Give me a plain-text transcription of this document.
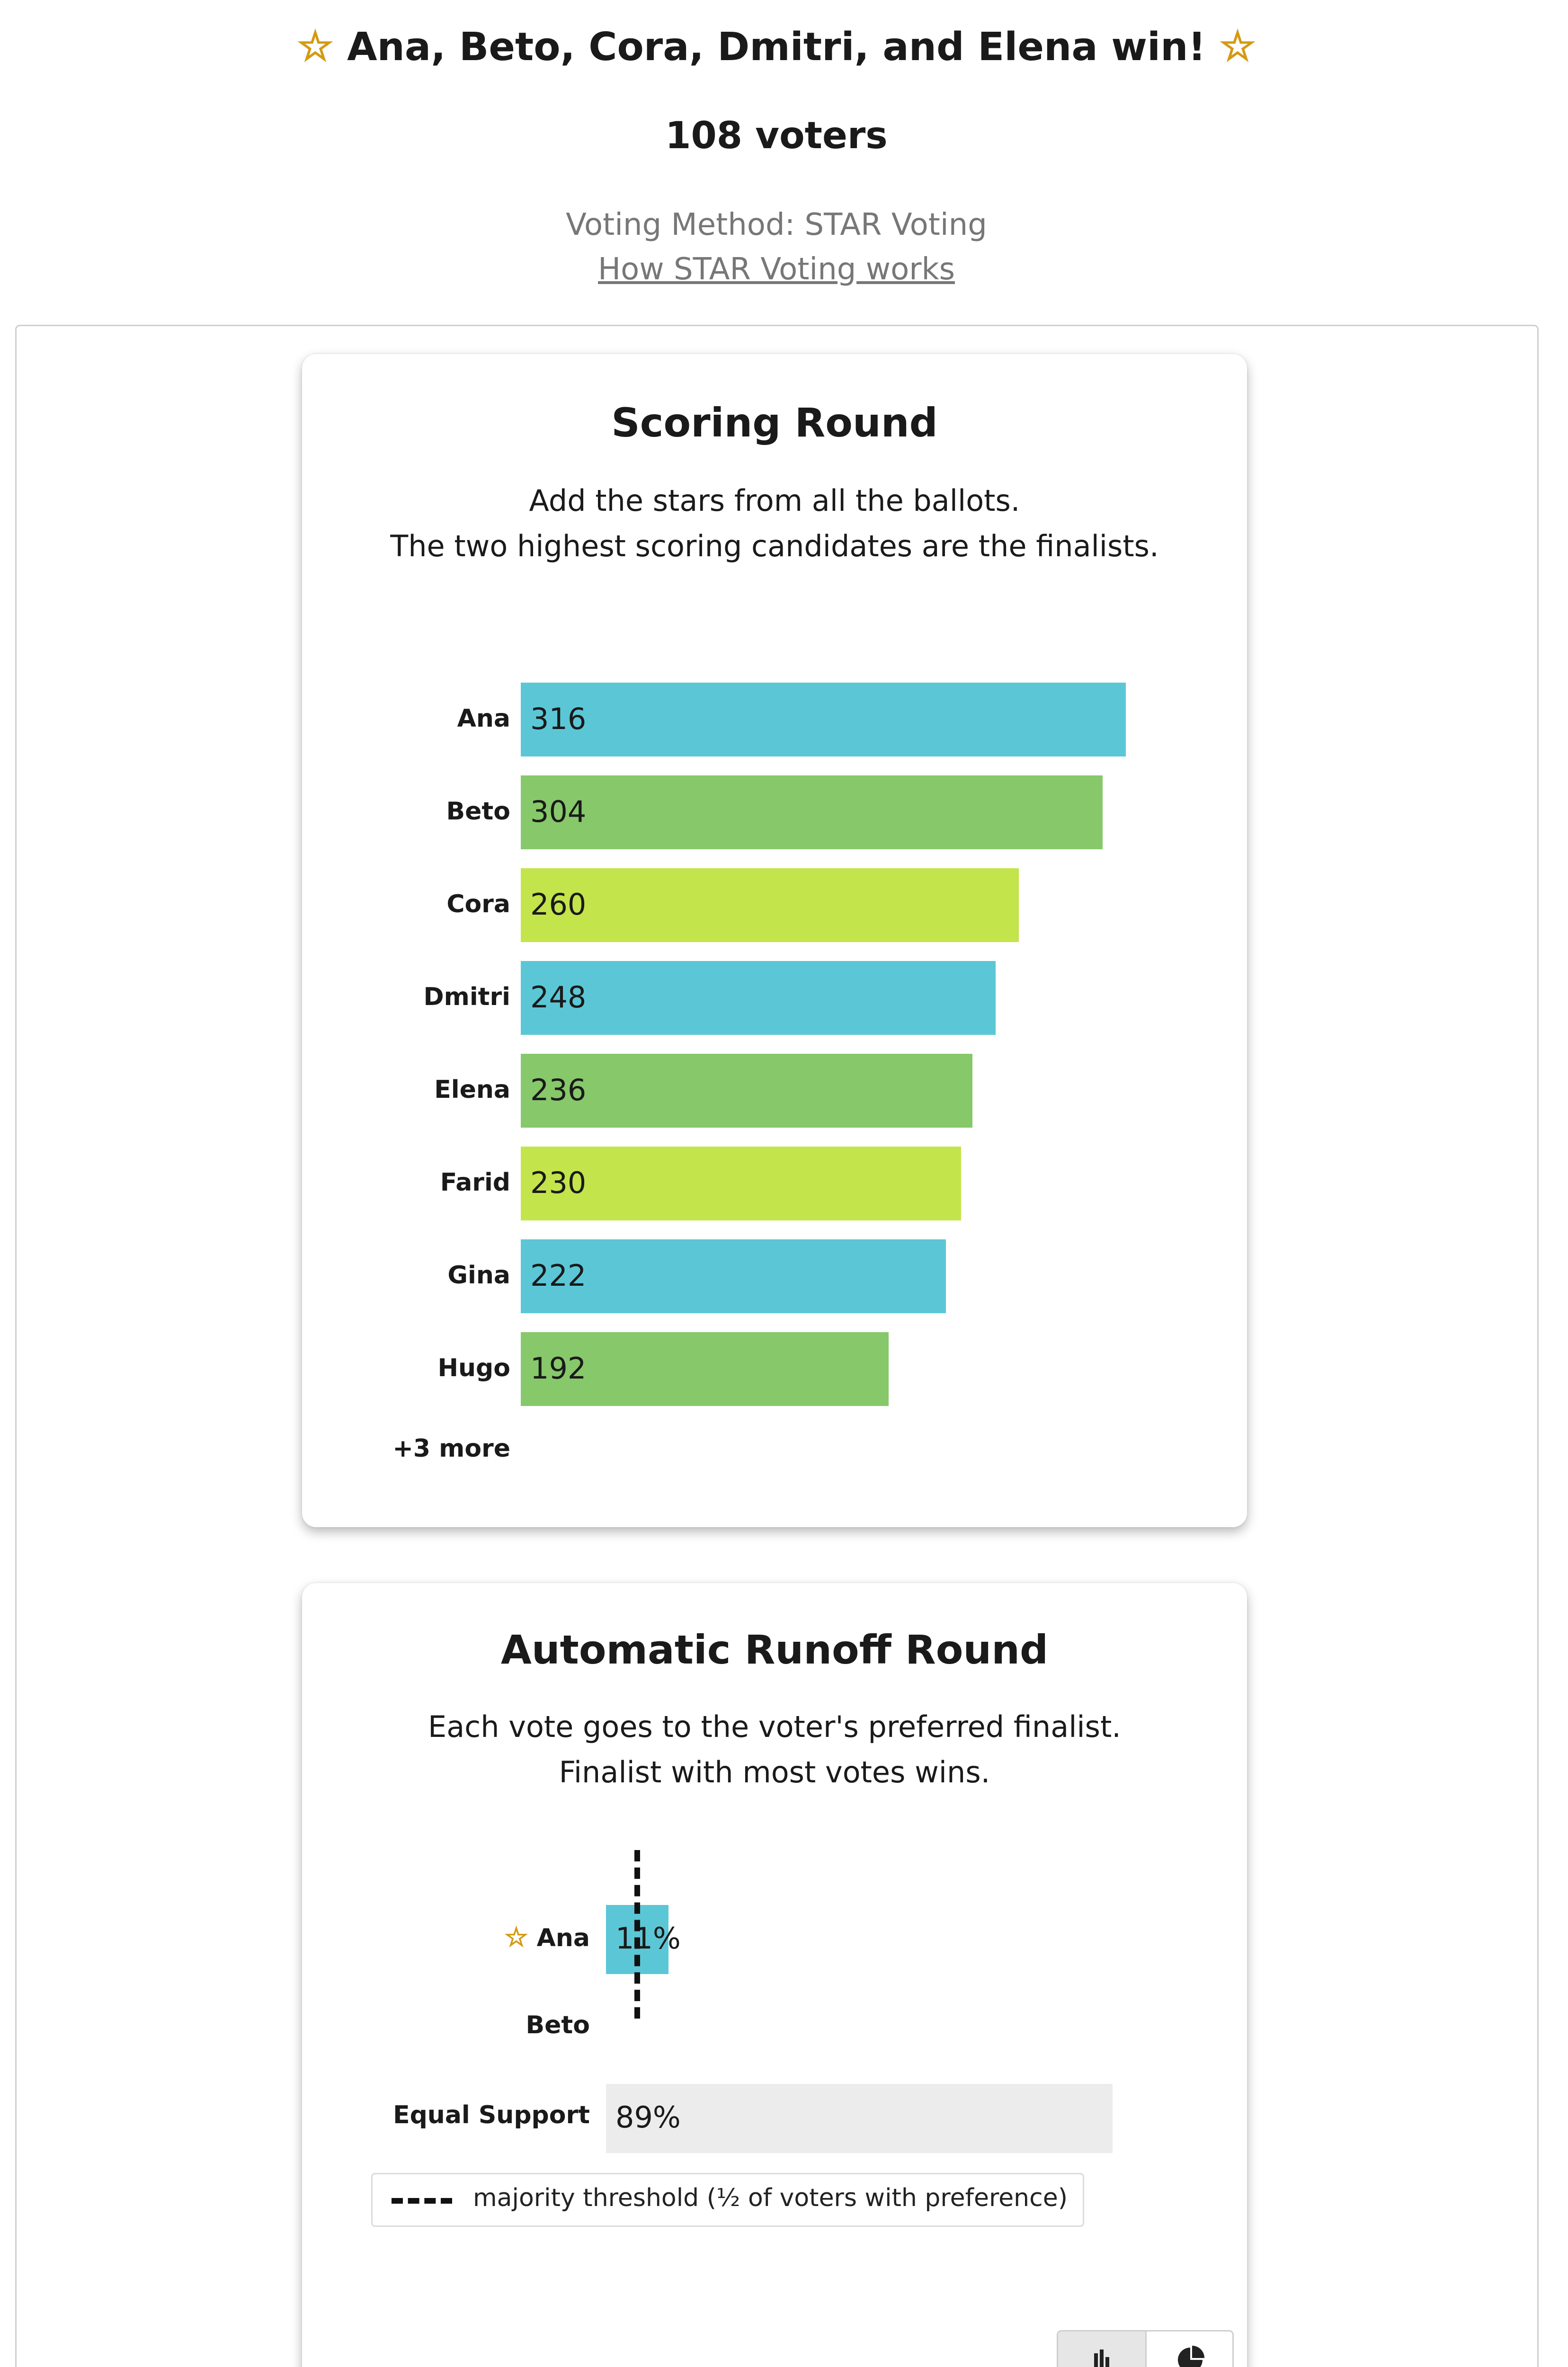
☆ Ana, Beto, Cora, Dmitri, and Elena win! ☆
108 voters
Voting Method: STAR Voting
How STAR Voting works
Scoring Round
Add the stars from all the ballots.
The two highest scoring candidates are the finalists.
Ana 316
Beto 304
Cora 260
Dmitri 248
Elena 236
Farid 230
Gina 222
Hugo 192
+3 more
Automatic Runoff Round
Each vote goes to the voter's preferred finalist.
Finalist with most votes wins.
☆ Ana 11%
Beto
Equal Support 89%
majority threshold (½ of voters with preference)
